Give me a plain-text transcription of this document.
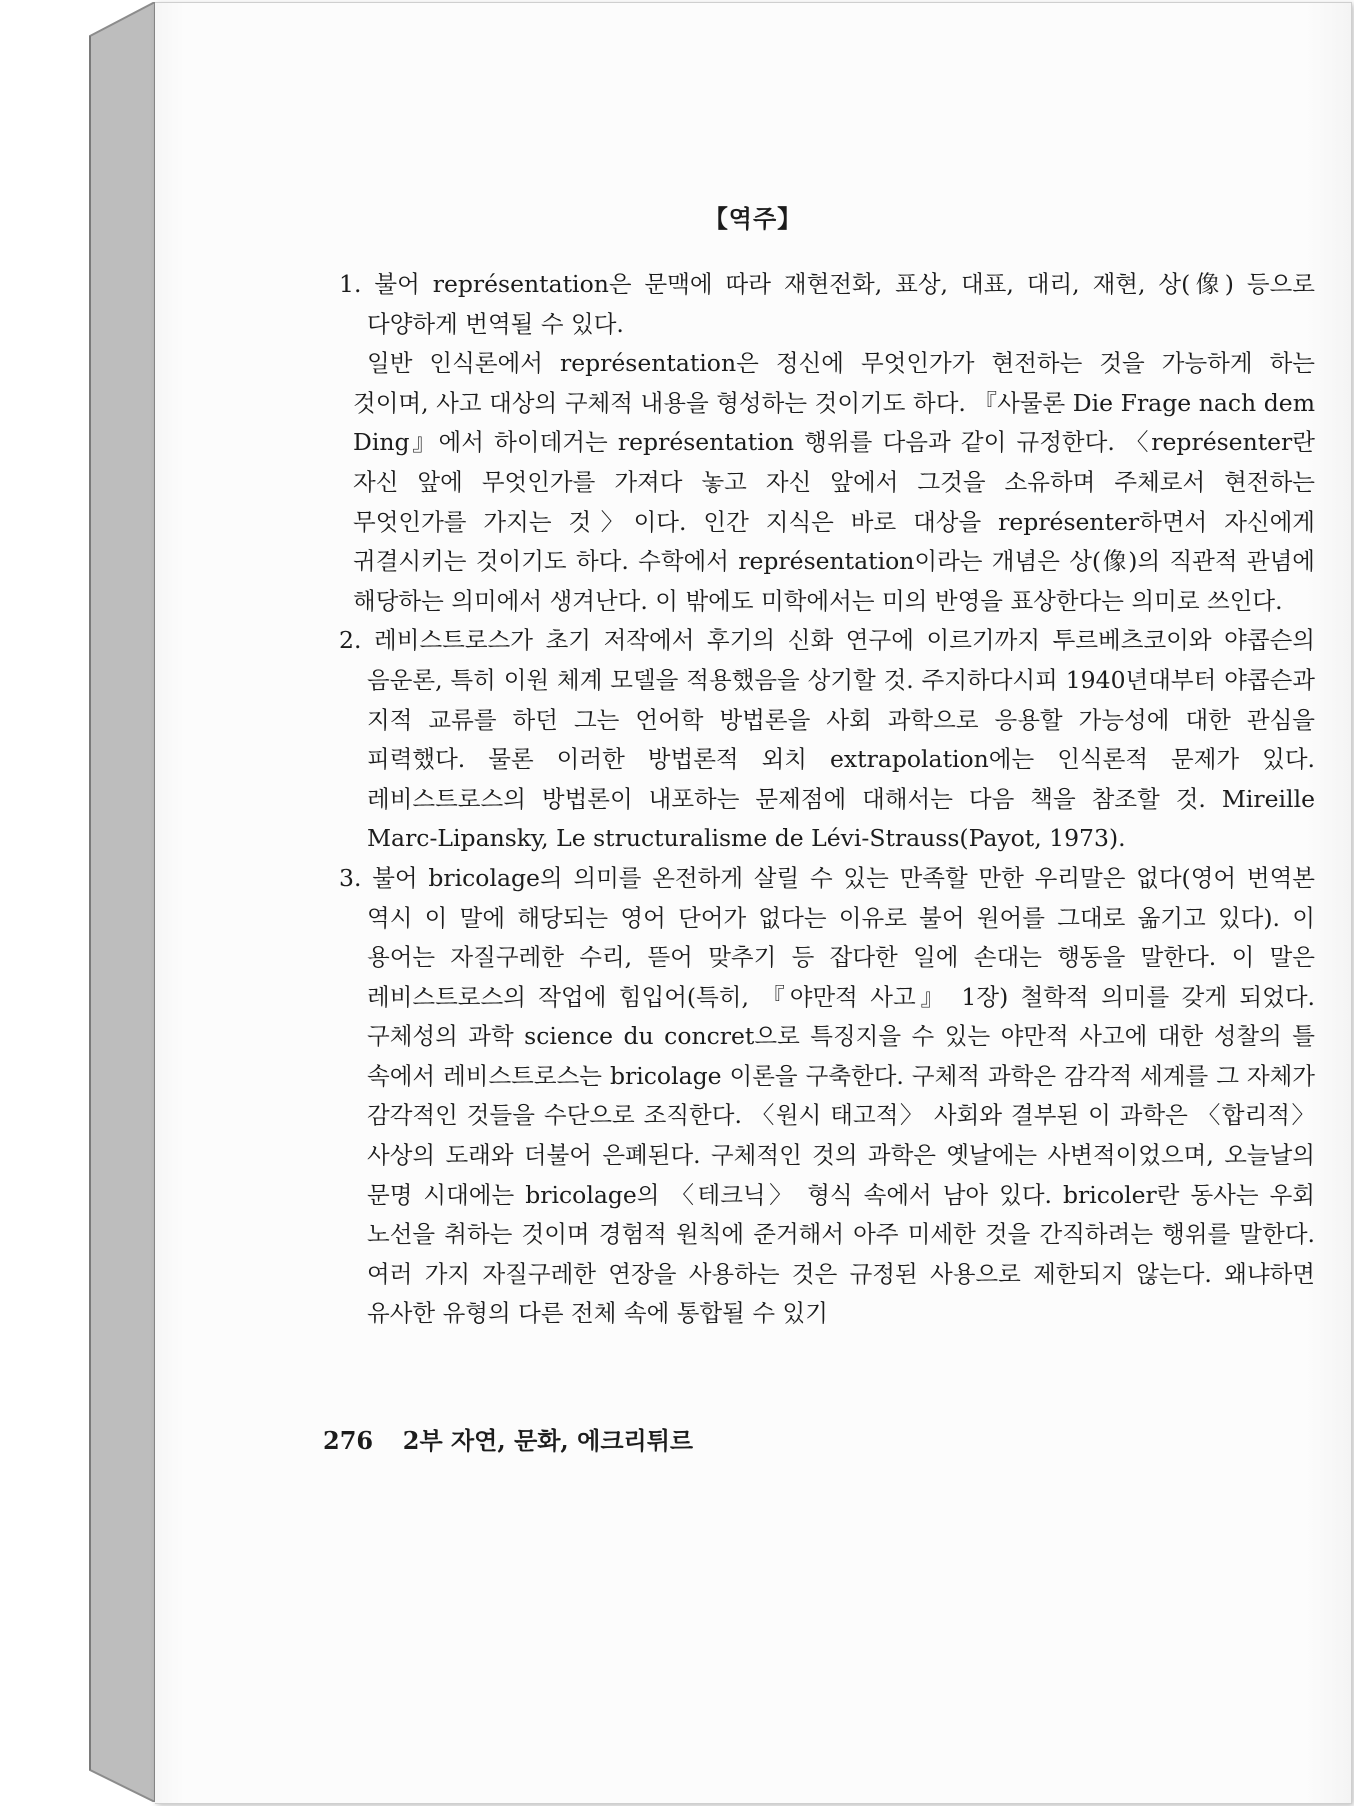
【역주】

1. 불어 représentation은 문맥에 따라 재현전화, 표상, 대표, 대리, 재현, 상(像) 등으로 다양하게 번역될 수 있다.

일반 인식론에서 représentation은 정신에 무엇인가가 현전하는 것을 가능하게 하는 것이며, 사고 대상의 구체적 내용을 형성하는 것이기도 하다. 『사물론 Die Frage nach dem Ding』에서 하이데거는 représentation 행위를 다음과 같이 규정한다. 〈représenter란 자신 앞에 무엇인가를 가져다 놓고 자신 앞에서 그것을 소유하며 주체로서 현전하는 무엇인가를 가지는 것〉이다. 인간 지식은 바로 대상을 représenter하면서 자신에게 귀결시키는 것이기도 하다. 수학에서 représentation이라는 개념은 상(像)의 직관적 관념에 해당하는 의미에서 생겨난다. 이 밖에도 미학에서는 미의 반영을 표상한다는 의미로 쓰인다.

2. 레비스트로스가 초기 저작에서 후기의 신화 연구에 이르기까지 투르베츠코이와 야콥슨의 음운론, 특히 이원 체계 모델을 적용했음을 상기할 것. 주지하다시피 1940년대부터 야콥슨과 지적 교류를 하던 그는 언어학 방법론을 사회 과학으로 응용할 가능성에 대한 관심을 피력했다. 물론 이러한 방법론적 외치 extrapolation에는 인식론적 문제가 있다. 레비스트로스의 방법론이 내포하는 문제점에 대해서는 다음 책을 참조할 것. Mireille Marc-Lipansky, Le structuralisme de Lévi-Strauss(Payot, 1973).

3. 불어 bricolage의 의미를 온전하게 살릴 수 있는 만족할 만한 우리말은 없다(영어 번역본 역시 이 말에 해당되는 영어 단어가 없다는 이유로 불어 원어를 그대로 옮기고 있다). 이 용어는 자질구레한 수리, 뜯어 맞추기 등 잡다한 일에 손대는 행동을 말한다. 이 말은 레비스트로스의 작업에 힘입어(특히, 『야만적 사고』 1장) 철학적 의미를 갖게 되었다. 구체성의 과학 science du concret으로 특징지을 수 있는 야만적 사고에 대한 성찰의 틀 속에서 레비스트로스는 bricolage 이론을 구축한다. 구체적 과학은 감각적 세계를 그 자체가 감각적인 것들을 수단으로 조직한다. 〈원시 태고적〉 사회와 결부된 이 과학은 〈합리적〉 사상의 도래와 더불어 은폐된다. 구체적인 것의 과학은 옛날에는 사변적이었으며, 오늘날의 문명 시대에는 bricolage의 〈테크닉〉 형식 속에서 남아 있다. bricoler란 동사는 우회 노선을 취하는 것이며 경험적 원칙에 준거해서 아주 미세한 것을 간직하려는 행위를 말한다. 여러 가지 자질구레한 연장을 사용하는 것은 규정된 사용으로 제한되지 않는다. 왜냐하면 유사한 유형의 다른 전체 속에 통합될 수 있기

276 2부 자연, 문화, 에크리튀르
